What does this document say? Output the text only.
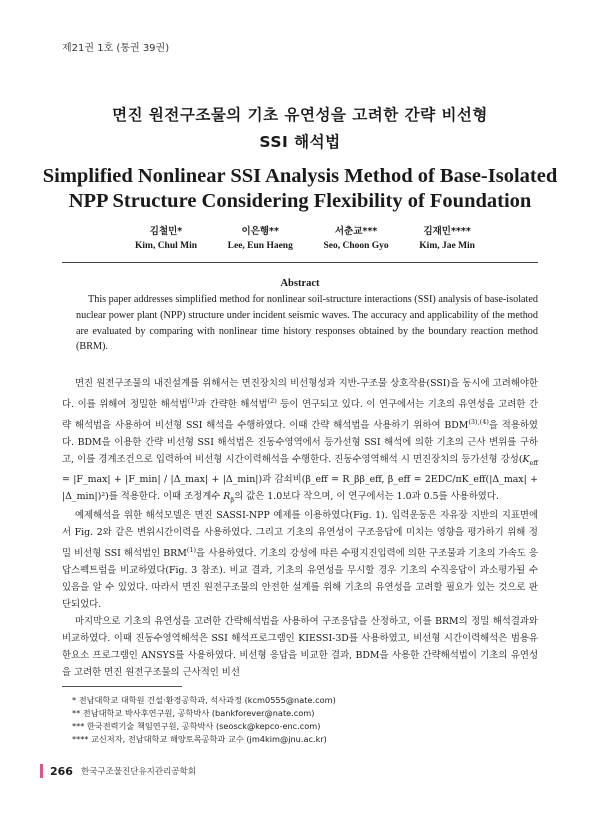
제21권 1호 (통권 39권)
면진 원전구조물의 기초 유연성을 고려한 간략 비선형
SSI 해석법
Simplified Nonlinear SSI Analysis Method of Base-Isolated
NPP Structure Considering Flexibility of Foundation
김철민*
Kim, Chul Min
이은행**
Lee, Eun Haeng
서춘교***
Seo, Choon Gyo
김재민****
Kim, Jae Min
Abstract

This paper addresses simplified method for nonlinear soil-structure interactions (SSI) analysis of base-isolated nuclear power plant (NPP) structure under incident seismic waves. The accuracy and applicability of the method are evaluated by comparing with nonlinear time history responses obtained by the boundary reaction method (BRM).

면진 원전구조물의 내진설계를 위해서는 면진장치의 비선형성과 지반-구조물 상호작용(SSI)을 동시에 고려해야한다. 이를 위해여 정밀한 해석법$^{(1)}$과 간략한 해석법$^{(2)}$ 등이 연구되고 있다. 이 연구에서는 기초의 유연성을 고려한 간략 해석법을 사용하여 비선형 SSI 해석을 수행하였다. 이때 간략 해석법을 사용하기 위하여 $BDM^{(3),(4)}$을 적용하였다. BDM을 이용한 간략 비선형 SSI 해석법은 진동수영역에서 등가선형 SSI 해석에 의한 기초의 근사 변위를 구하고, 이를 경계조건으로 입력하여 비선형 시간이력해석을 수행한다. 진동수영역해석 시 면진장치의 등가선형 강성($K_{eff}$ = |F_max| + |F_min| / |Δ_max| + |Δ_min|)과 감쇠비(β_eff = R_ββ_eff, β_eff = 2EDC/πK_eff(|Δ_max| + |Δ_min|)²)를 적용한다. 이때 조정계수 $R_\beta$의 값은 1.0보다 작으며, 이 연구에서는 1.0과 0.5를 사용하였다.

예제해석을 위한 해석모델은 면진 SASSI-NPP 예제를 이용하였다(Fig. 1). 입력운동은 자유장 지반의 지표면에서 Fig. 2와 같은 변위시간이력을 사용하였다. 그리고 기초의 유연성이 구조응답에 미치는 영향을 평가하기 위해 정밀 비선형 SSI 해석법인 BRM$^{(1)}$을 사용하였다. 기초의 강성에 따른 수평지진입력에 의한 구조물과 기초의 가속도 응답스펙트럼을 비교하였다(Fig. 3 참조). 비교 결과, 기초의 유연성을 무시할 경우 기초의 수직응답이 과소평가될 수 있음을 알 수 있었다. 따라서 면진 원전구조물의 안전한 설계를 위해 기초의 유연성을 고려할 필요가 있는 것으로 판단되었다.

마지막으로 기초의 유연성을 고려한 간략해석법을 사용하여 구조응답을 산정하고, 이를 BRM의 정밀 해석결과와 비교하였다. 이때 진동수영역해석은 SSI 해석프로그램인 KIESSI-3D를 사용하였고, 비선형 시간이력해석은 범용유한요소 프로그램인 ANSYS를 사용하였다. 비선형 응답을 비교한 결과, BDM을 사용한 간략해석법이 기초의 유연성을 고려한 면진 원전구조물의 근사적인 비선

* 전남대학교 대학원 건설·환경공학과, 석사과정 (kcm0555@nate.com)
** 전남대학교 박사후연구원, 공학박사 (bankforever@nate.com)
*** 한국전력기술 책임연구원, 공학박사 (seosck@kepco-enc.com)
**** 교신저자, 전남대학교 해양토목공학과 교수 (jm4kim@jnu.ac.kr)
266 한국구조물진단유지관리공학회
